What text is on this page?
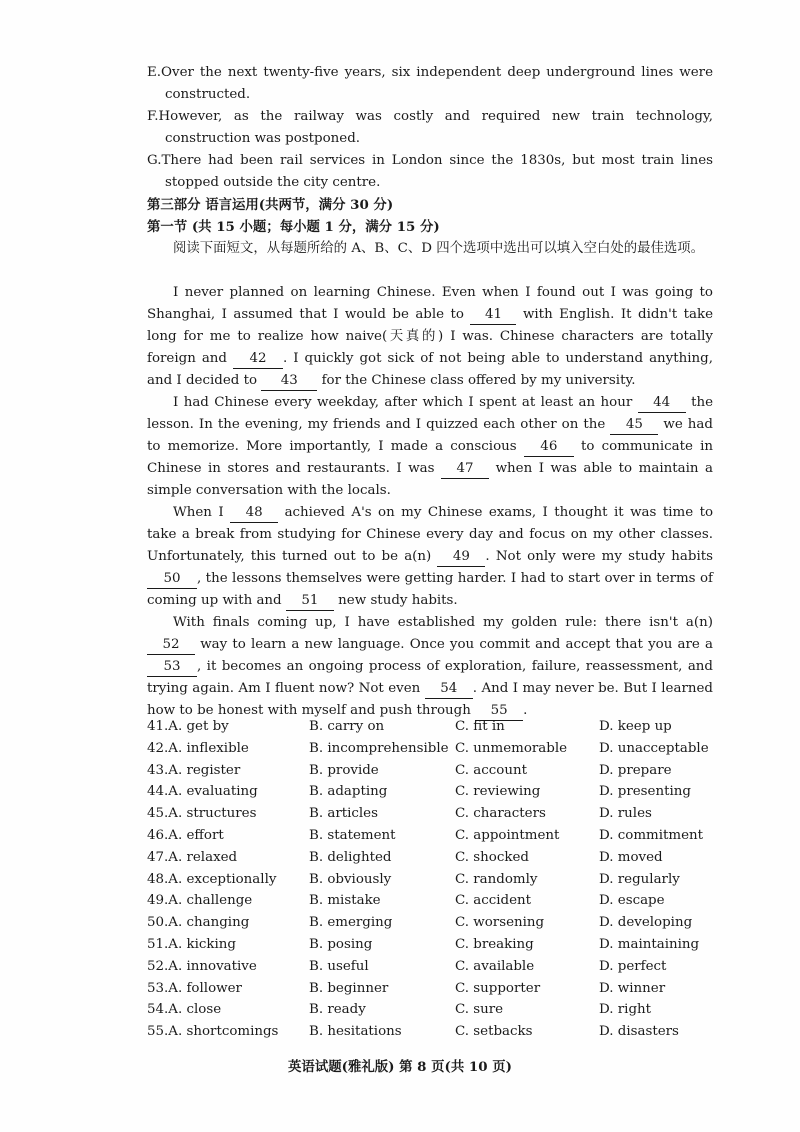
E.Over the next twenty-five years, six independent deep underground lines were constructed.
F.However, as the railway was costly and required new train technology, construction was postponed.
G.There had been rail services in London since the 1830s, but most train lines stopped outside the city centre.
第三部分 语言运用(共两节，满分 30 分)
第一节 (共 15 小题；每小题 1 分，满分 15 分)
阅读下面短文，从每题所给的 A、B、C、D 四个选项中选出可以填入空白处的最佳选项。
I never planned on learning Chinese. Even when I found out I was going to Shanghai, I assumed that I would be able to 41 with English. It didn't take long for me to realize how naive(天真的) I was. Chinese characters are totally foreign and 42 . I quickly got sick of not being able to understand anything, and I decided to 43 for the Chinese class offered by my university.
I had Chinese every weekday, after which I spent at least an hour 44 the lesson. In the evening, my friends and I quizzed each other on the 45 we had to memorize. More importantly, I made a conscious 46 to communicate in Chinese in stores and restaurants. I was 47 when I was able to maintain a simple conversation with the locals.
When I 48 achieved A's on my Chinese exams, I thought it was time to take a break from studying for Chinese every day and focus on my other classes. Unfortunately, this turned out to be a(n) 49 . Not only were my study habits 50 , the lessons themselves were getting harder. I had to start over in terms of coming up with and 51 new study habits.
With finals coming up, I have established my golden rule: there isn't a(n) 52 way to learn a new language. Once you commit and accept that you are a 53 , it becomes an ongoing process of exploration, failure, reassessment, and trying again. Am I fluent now? Not even 54 . And I may never be. But I learned how to be honest with myself and push through 55 .
41.A. get by	B. carry on	C. fit in	D. keep up
42.A. inflexible	B. incomprehensible C. unmemorable	D. unacceptable
43.A. register	B. provide	C. account	D. prepare
44.A. evaluating	B. adapting	C. reviewing	D. presenting
45.A. structures	B. articles	C. characters	D. rules
46.A. effort	B. statement	C. appointment	D. commitment
47.A. relaxed	B. delighted	C. shocked	D. moved
48.A. exceptionally	B. obviously	C. randomly	D. regularly
49.A. challenge	B. mistake	C. accident	D. escape
50.A. changing	B. emerging	C. worsening	D. developing
51.A. kicking	B. posing	C. breaking	D. maintaining
52.A. innovative	B. useful	C. available	D. perfect
53.A. follower	B. beginner	C. supporter	D. winner
54.A. close	B. ready	C. sure	D. right
55.A. shortcomings	B. hesitations	C. setbacks	D. disasters
英语试题(雅礼版) 第 8 页(共 10 页)
